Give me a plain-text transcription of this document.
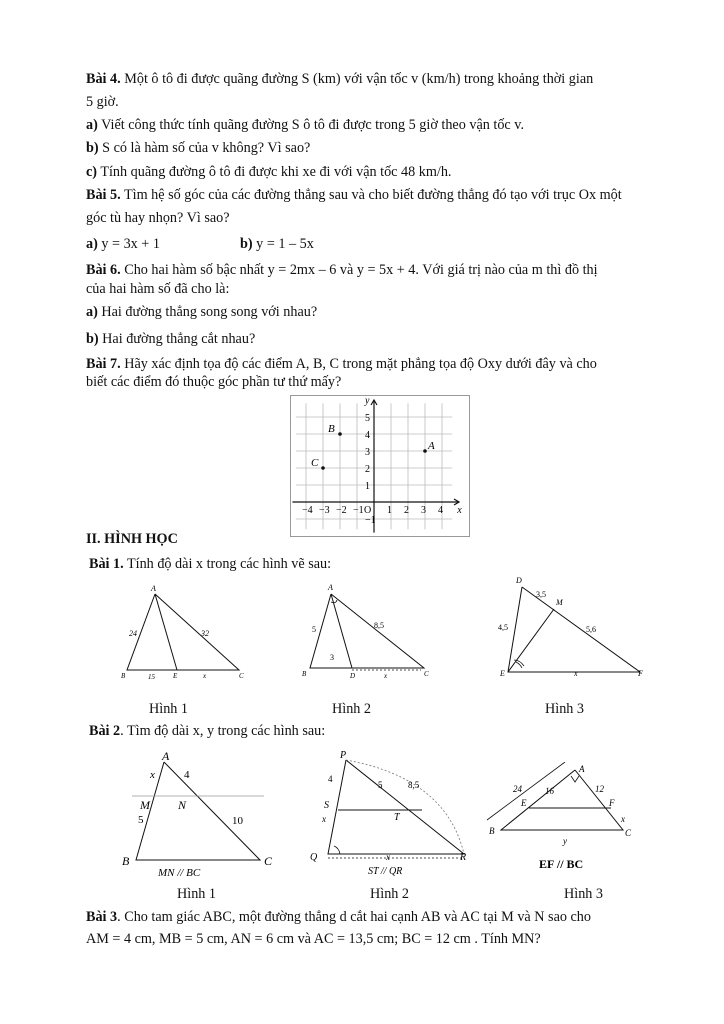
Bài 4. Một ô tô đi được quãng đường S (km) với vận tốc v (km/h) trong khoảng thời gian
5 giờ.
a) Viết công thức tính quãng đường S ô tô đi được trong 5 giờ theo vận tốc v.
b) S có là hàm số của v không? Vì sao?
c) Tính quãng đường ô tô đi được khi xe đi với vận tốc 48 km/h.
Bài 5. Tìm hệ số góc của các đường thẳng sau và cho biết đường thẳng đó tạo với trục Ox một
góc tù hay nhọn? Vì sao?
a) y = 3x + 1	b) y = 1 – 5x
Bài 6. Cho hai hàm số bậc nhất y = 2mx – 6 và y = 5x + 4. Với giá trị nào của m thì đồ thị
của hai hàm số đã cho là:
a) Hai đường thẳng song song với nhau?
b) Hai đường thẳng cắt nhau?
Bài 7. Hãy xác định tọa độ các điểm A, B, C trong mặt phẳng tọa độ Oxy dưới đây và cho
biết các điểm đó thuộc góc phần tư thứ mấy?
−4 −3 −2 −1 O 1 2 3 4 x
y
5
4
3
2
1
−1
A
B
C
II. HÌNH HỌC
Bài 1. Tính độ dài x trong các hình vẽ sau:
A
24	32
B	15	E	x	C
A
5	8,5
3
B	D	x	C
D
3,5
M
4,5	5,6
E	x	F
Hình 1	Hình 2	Hình 3
Bài 2. Tìm độ dài x, y trong các hình sau:
A
x	4
M N
5	10
B	C
MN // BC
P
4
5	8,5
S
x	T
Q	x	R
ST // QR
24
A
16	12
E	F
x
B
y
C
EF // BC
Hình 1	Hình 2	Hình 3
Bài 3. Cho tam giác ABC, một đường thẳng d cắt hai cạnh AB và AC tại M và N sao cho
AM = 4 cm, MB = 5 cm, AN = 6 cm và AC = 13,5 cm; BC = 12 cm . Tính MN?
